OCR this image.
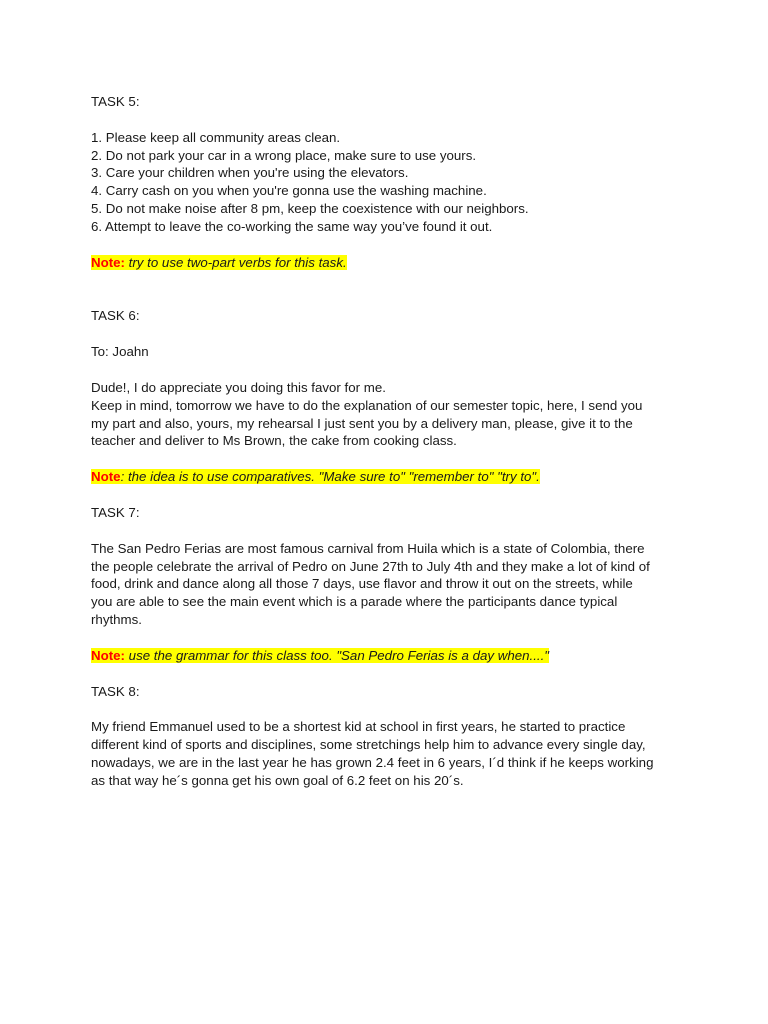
TASK 5:

1. Please keep all community areas clean.

2. Do not park your car in a wrong place, make sure to use yours.

3. Care your children when you're using the elevators.

4. Carry cash on you when you're gonna use the washing machine.

5. Do not make noise after 8 pm, keep the coexistence with our neighbors.

6. Attempt to leave the co-working the same way you’ve found it out.

Note: try to use two-part verbs for this task.

TASK 6:

To: Joahn

Dude!, I do appreciate you doing this favor for me.

Keep in mind, tomorrow we have to do the explanation of our semester topic, here, I send you

my part and also, yours, my rehearsal I just sent you by a delivery man, please, give it to the

teacher and deliver to Ms Brown, the cake from cooking class.

Note: the idea is to use comparatives. "Make sure to" "remember to" "try to".

TASK 7:

The San Pedro Ferias are most famous carnival from Huila which is a state of Colombia, there

the people celebrate the arrival of Pedro on June 27th to July 4th and they make a lot of kind of

food, drink and dance along all those 7 days, use flavor and throw it out on the streets, while

you are able to see the main event which is a parade where the participants dance typical

rhythms.

Note: use the grammar for this class too. "San Pedro Ferias is a day when...."

TASK 8:

My friend Emmanuel used to be a shortest kid at school in first years, he started to practice

different kind of sports and disciplines, some stretchings help him to advance every single day,

nowadays, we are in the last year he has grown 2.4 feet in 6 years, I´d think if he keeps working

as that way he´s gonna get his own goal of 6.2 feet on his 20´s.
